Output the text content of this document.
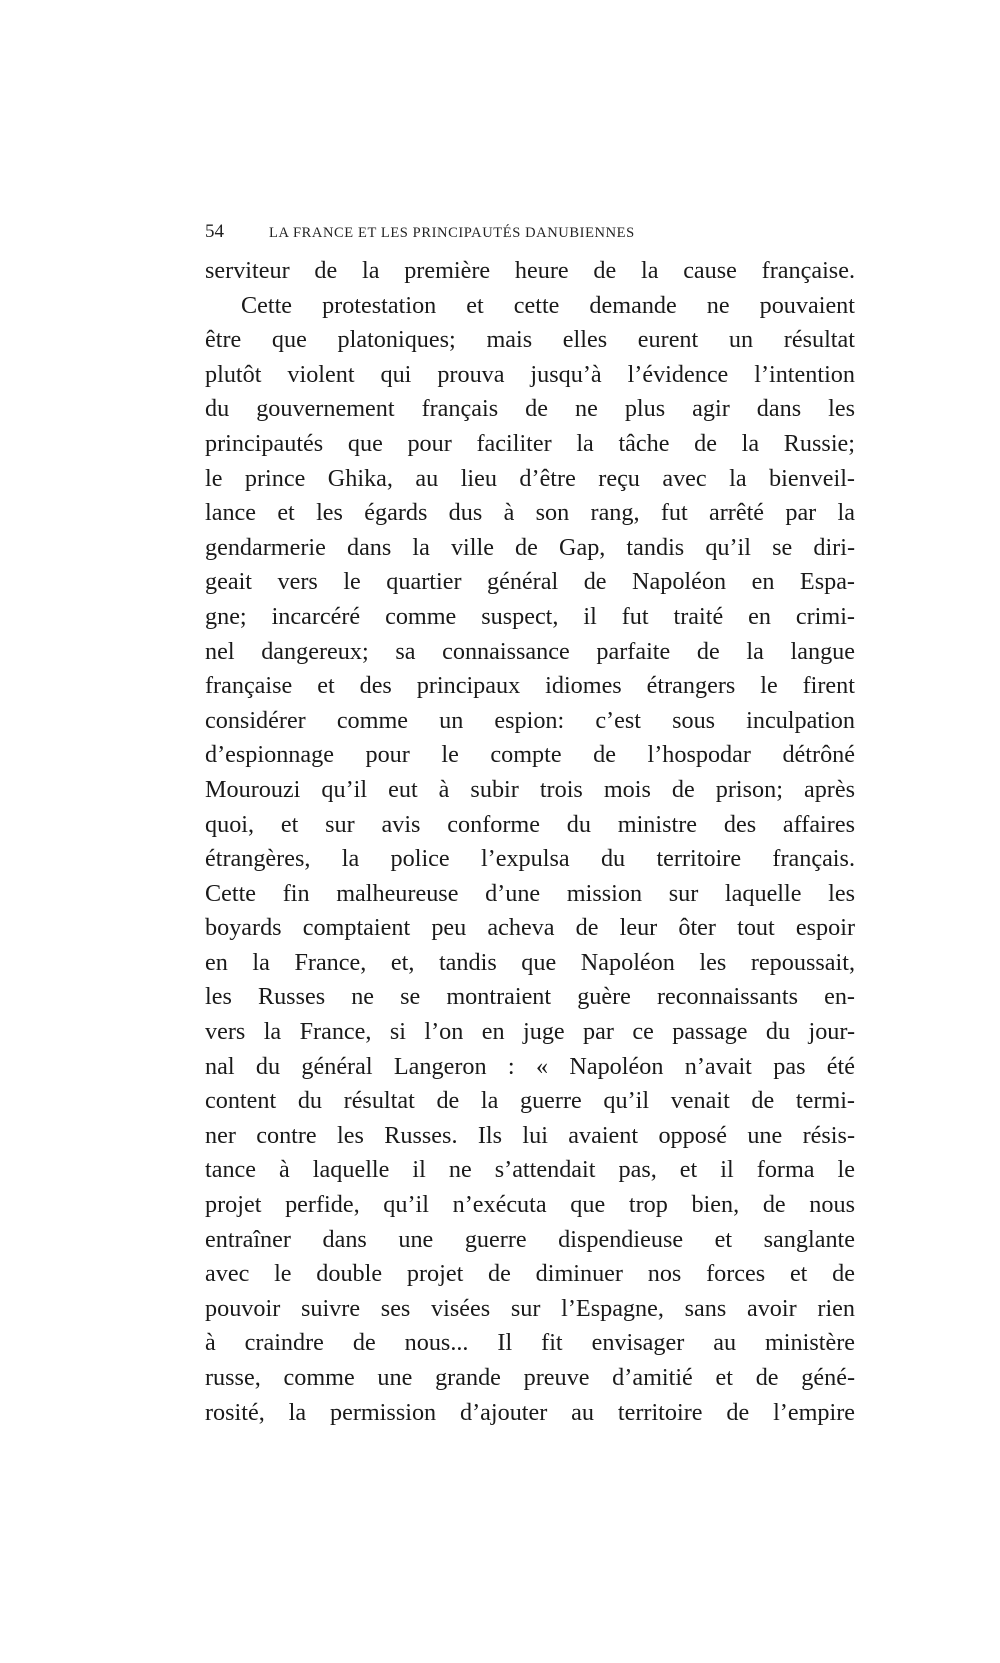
54	LA FRANCE ET LES PRINCIPAUTÉS DANUBIENNES
serviteur de la première heure de la cause française.
Cette protestation et cette demande ne pouvaient
être que platoniques; mais elles eurent un résultat
plutôt violent qui prouva jusqu’à l’évidence l’intention
du gouvernement français de ne plus agir dans les
principautés que pour faciliter la tâche de la Russie;
le prince Ghika, au lieu d’être reçu avec la bienveil-
lance et les égards dus à son rang, fut arrêté par la
gendarmerie dans la ville de Gap, tandis qu’il se diri-
geait vers le quartier général de Napoléon en Espa-
gne; incarcéré comme suspect, il fut traité en crimi-
nel dangereux; sa connaissance parfaite de la langue
française et des principaux idiomes étrangers le firent
considérer comme un espion: c’est sous inculpation
d’espionnage pour le compte de l’hospodar détrôné
Mourouzi qu’il eut à subir trois mois de prison; après
quoi, et sur avis conforme du ministre des affaires
étrangères, la police l’expulsa du territoire français.
Cette fin malheureuse d’une mission sur laquelle les
boyards comptaient peu acheva de leur ôter tout espoir
en la France, et, tandis que Napoléon les repoussait,
les Russes ne se montraient guère reconnaissants en-
vers la France, si l’on en juge par ce passage du jour-
nal du général Langeron : « Napoléon n’avait pas été
content du résultat de la guerre qu’il venait de termi-
ner contre les Russes. Ils lui avaient opposé une résis-
tance à laquelle il ne s’attendait pas, et il forma le
projet perfide, qu’il n’exécuta que trop bien, de nous
entraîner dans une guerre dispendieuse et sanglante
avec le double projet de diminuer nos forces et de
pouvoir suivre ses visées sur l’Espagne, sans avoir rien
à craindre de nous... Il fit envisager au ministère
russe, comme une grande preuve d’amitié et de géné-
rosité, la permission d’ajouter au territoire de l’empire
